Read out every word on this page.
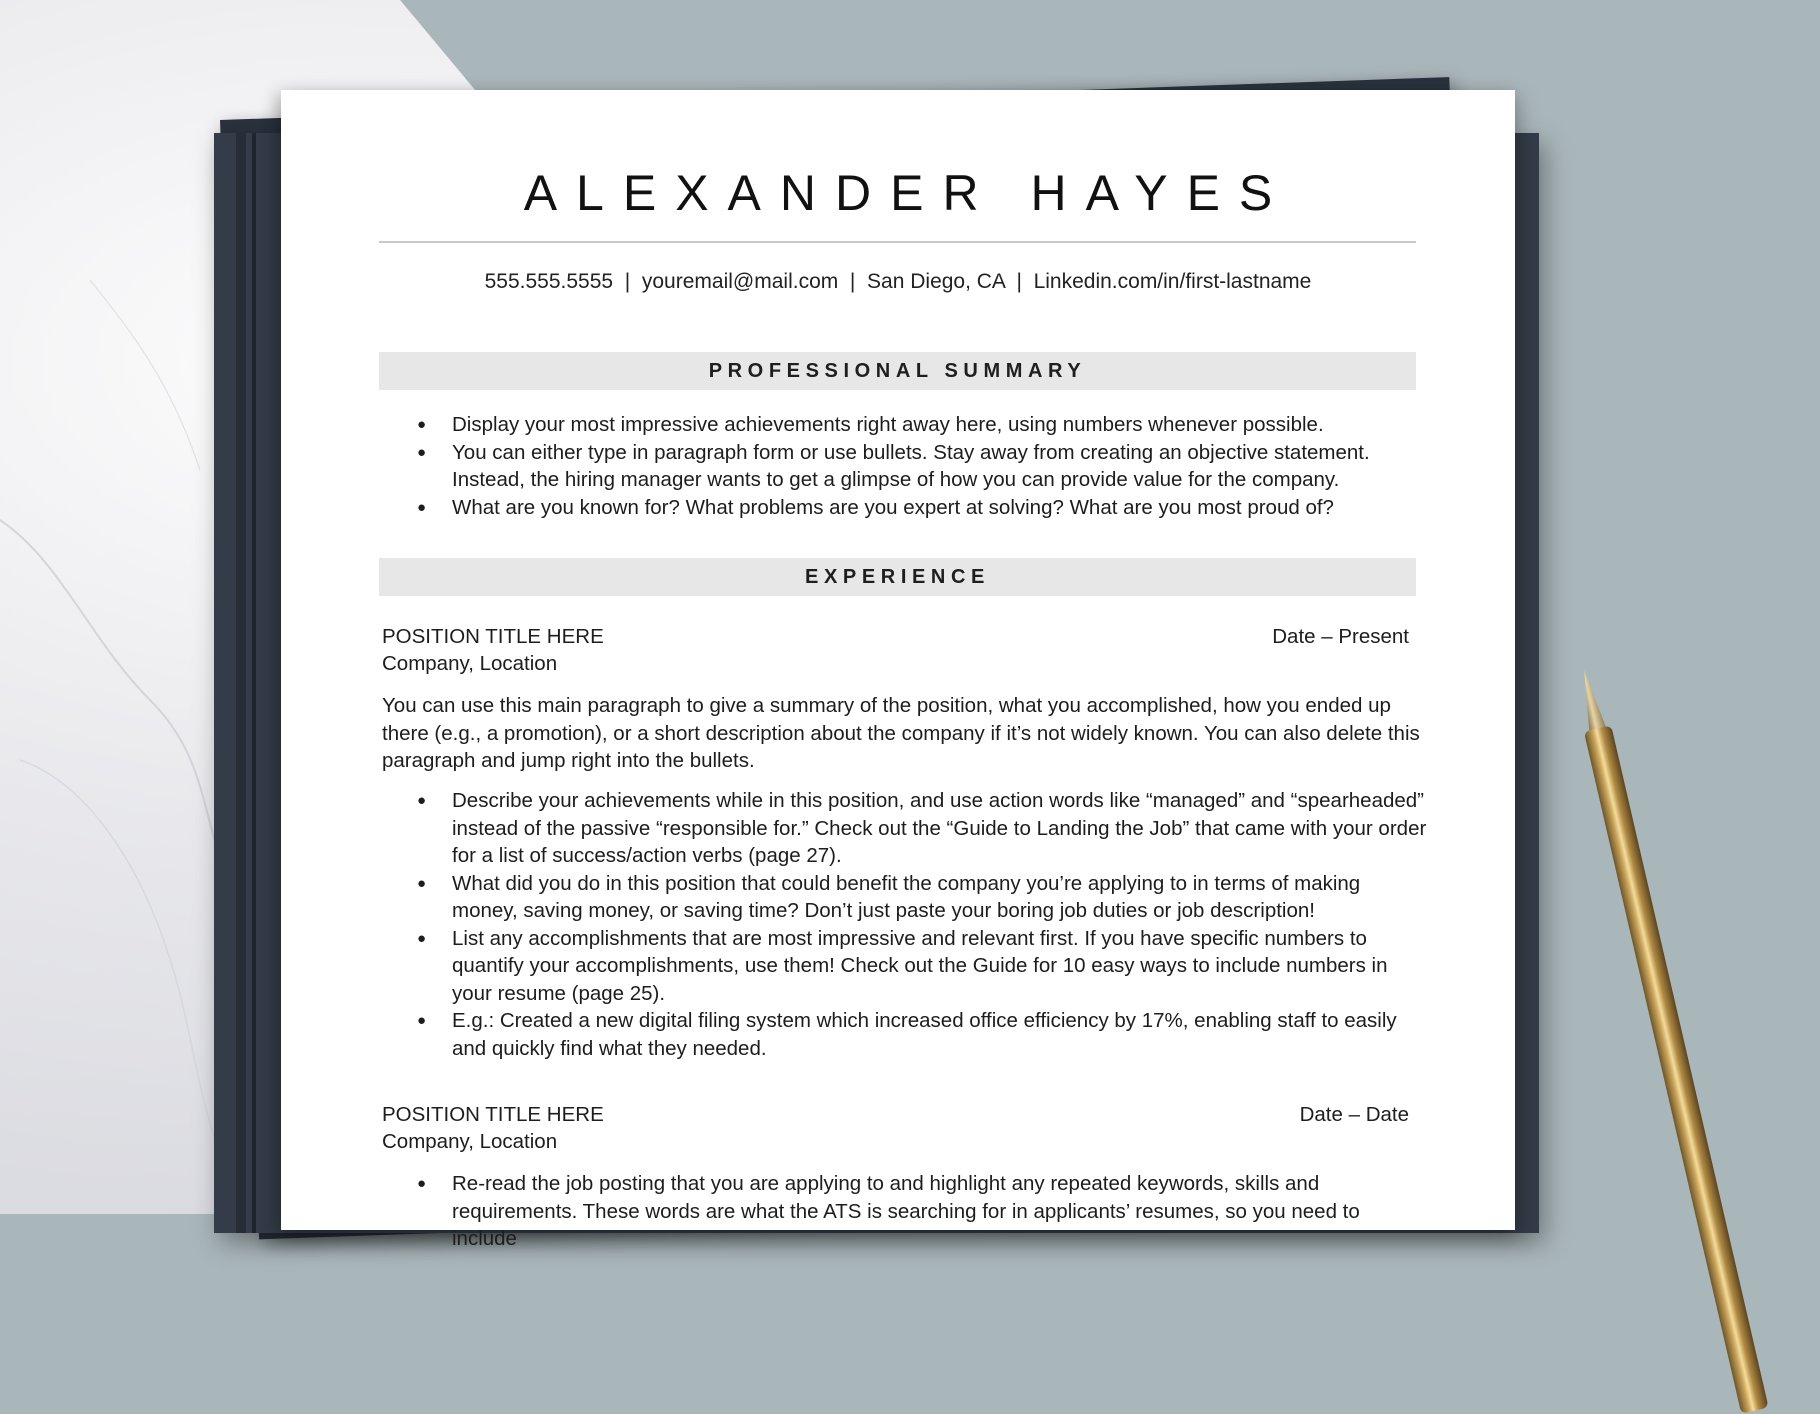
ALEXANDER HAYES
555.555.5555  |  youremail@mail.com  |  San Diego, CA  |  Linkedin.com/in/first-lastname
PROFESSIONAL SUMMARY
● Display your most impressive achievements right away here, using numbers whenever possible.
● You can either type in paragraph form or use bullets. Stay away from creating an objective statement. Instead, the hiring manager wants to get a glimpse of how you can provide value for the company.
● What are you known for? What problems are you expert at solving? What are you most proud of?
EXPERIENCE
POSITION TITLE HERE	Date – Present
Company, Location
You can use this main paragraph to give a summary of the position, what you accomplished, how you ended up there (e.g., a promotion), or a short description about the company if it’s not widely known. You can also delete this paragraph and jump right into the bullets.
● Describe your achievements while in this position, and use action words like “managed” and “spearheaded” instead of the passive “responsible for.” Check out the “Guide to Landing the Job” that came with your order for a list of success/action verbs (page 27).
● What did you do in this position that could benefit the company you’re applying to in terms of making money, saving money, or saving time? Don’t just paste your boring job duties or job description!
● List any accomplishments that are most impressive and relevant first. If you have specific numbers to quantify your accomplishments, use them! Check out the Guide for 10 easy ways to include numbers in your resume (page 25).
● E.g.: Created a new digital filing system which increased office efficiency by 17%, enabling staff to easily and quickly find what they needed.
POSITION TITLE HERE	Date – Date
Company, Location
● Re-read the job posting that you are applying to and highlight any repeated keywords, skills and requirements. These words are what the ATS is searching for in applicants’ resumes, so you need to include
